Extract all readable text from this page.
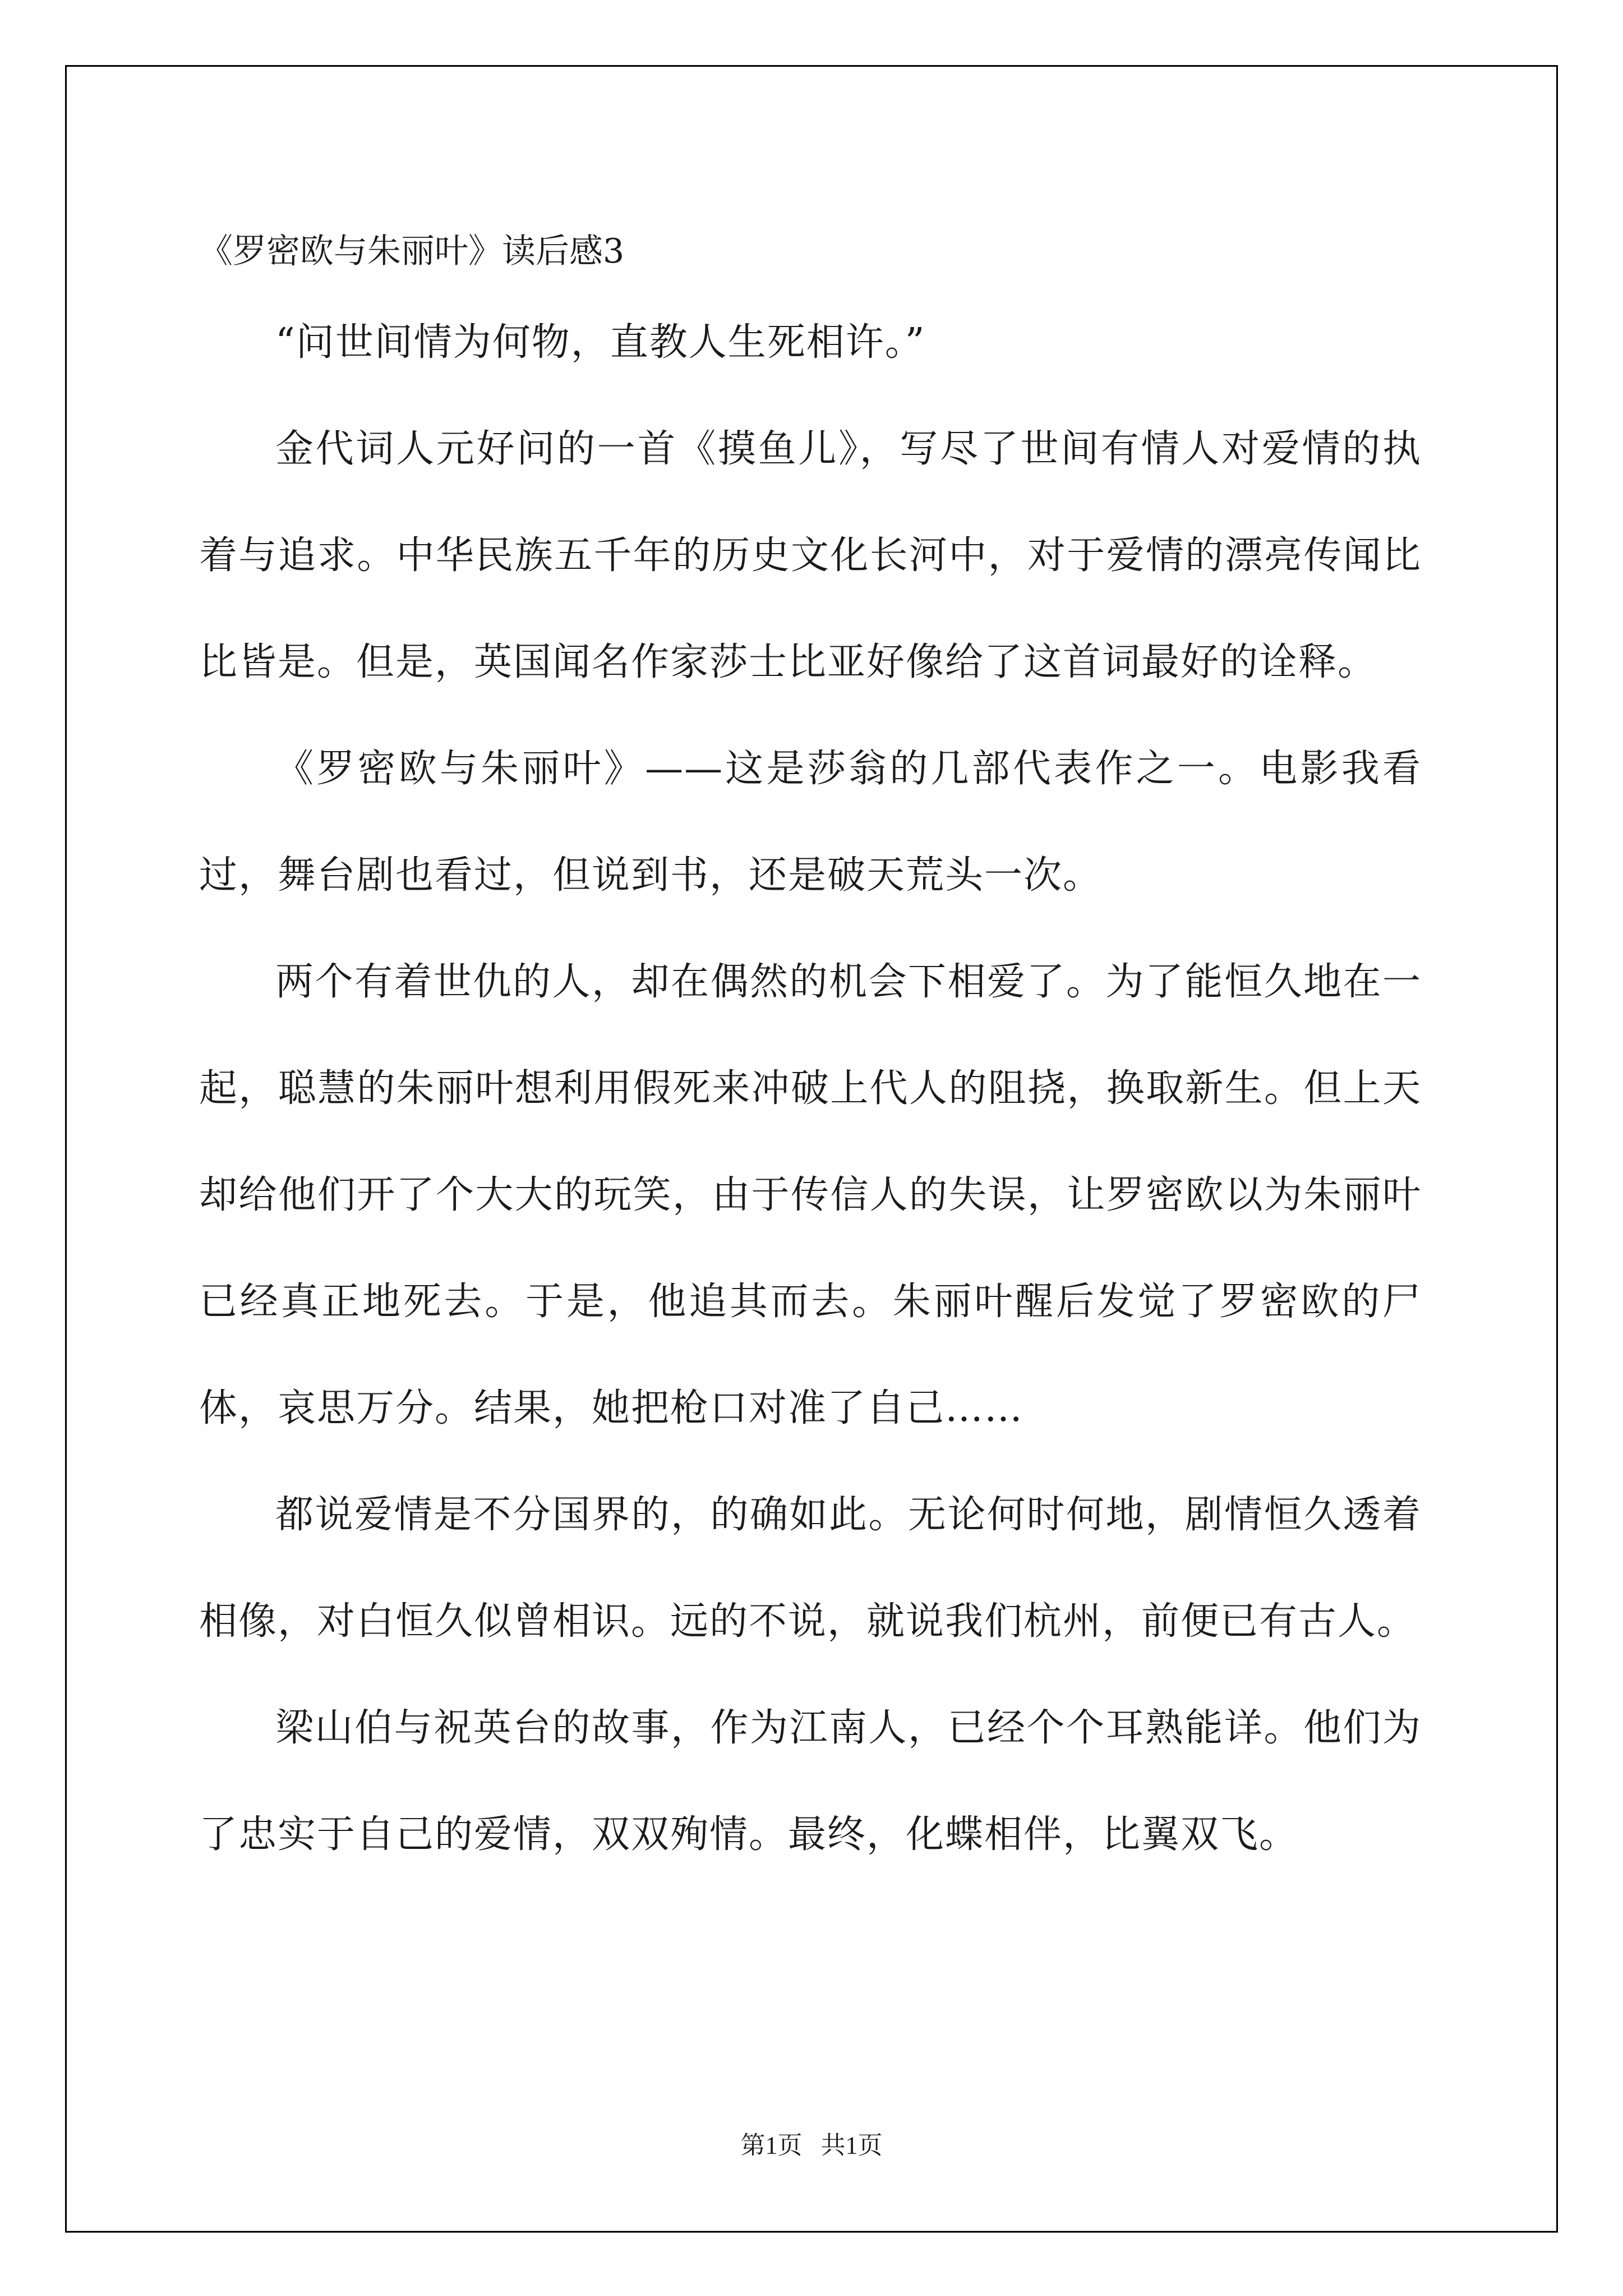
《罗密欧与朱丽叶》读后感3

“问世间情为何物，直教人生死相许。”

金代词人元好问的一首《摸鱼儿》，写尽了世间有情人对爱情的执着与追求。中华民族五千年的历史文化长河中，对于爱情的漂亮传闻比比皆是。但是，英国闻名作家莎士比亚好像给了这首词最好的诠释。

《罗密欧与朱丽叶》——这是莎翁的几部代表作之一。电影我看过，舞台剧也看过，但说到书，还是破天荒头一次。

两个有着世仇的人，却在偶然的机会下相爱了。为了能恒久地在一起，聪慧的朱丽叶想利用假死来冲破上代人的阻挠，换取新生。但上天却给他们开了个大大的玩笑，由于传信人的失误，让罗密欧以为朱丽叶已经真正地死去。于是，他追其而去。朱丽叶醒后发觉了罗密欧的尸体，哀思万分。结果，她把枪口对准了自己……

都说爱情是不分国界的，的确如此。无论何时何地，剧情恒久透着相像，对白恒久似曾相识。远的不说，就说我们杭州，前便已有古人。

梁山伯与祝英台的故事，作为江南人，已经个个耳熟能详。他们为了忠实于自己的爱情，双双殉情。最终，化蝶相伴，比翼双飞。

第1页   共1页
